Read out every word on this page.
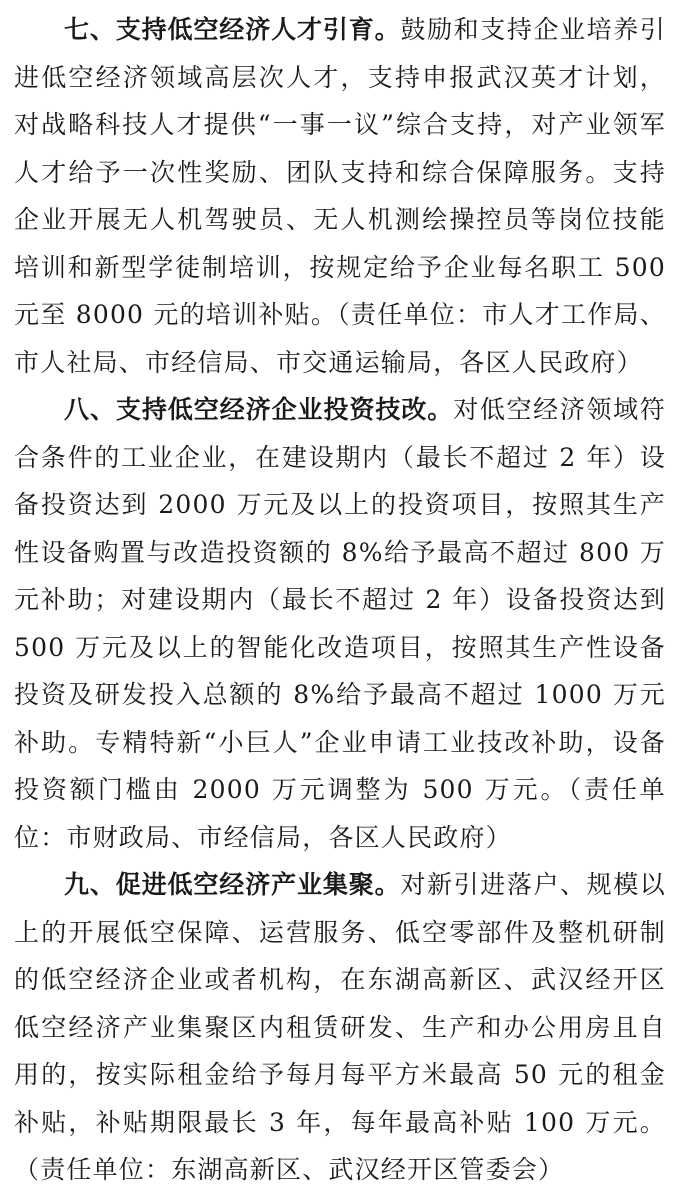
七、支持低空经济人才引育。鼓励和支持企业培养引进低空经济领域高层次人才，支持申报武汉英才计划，对战略科技人才提供“一事一议”综合支持，对产业领军人才给予一次性奖励、团队支持和综合保障服务。支持企业开展无人机驾驶员、无人机测绘操控员等岗位技能培训和新型学徒制培训，按规定给予企业每名职工 500 元至 8000 元的培训补贴。（责任单位：市人才工作局、市人社局、市经信局、市交通运输局，各区人民政府）

八、支持低空经济企业投资技改。对低空经济领域符合条件的工业企业，在建设期内（最长不超过 2 年）设备投资达到 2000 万元及以上的投资项目，按照其生产性设备购置与改造投资额的 8%给予最高不超过 800 万元补助；对建设期内（最长不超过 2 年）设备投资达到 500 万元及以上的智能化改造项目，按照其生产性设备投资及研发投入总额的 8%给予最高不超过 1000 万元补助。专精特新“小巨人”企业申请工业技改补助，设备投资额门槛由 2000 万元调整为 500 万元。（责任单位：市财政局、市经信局，各区人民政府）

九、促进低空经济产业集聚。对新引进落户、规模以上的开展低空保障、运营服务、低空零部件及整机研制的低空经济企业或者机构，在东湖高新区、武汉经开区低空经济产业集聚区内租赁研发、生产和办公用房且自用的，按实际租金给予每月每平方米最高 50 元的租金补贴，补贴期限最长 3 年，每年最高补贴 100 万元。（责任单位：东湖高新区、武汉经开区管委会）
